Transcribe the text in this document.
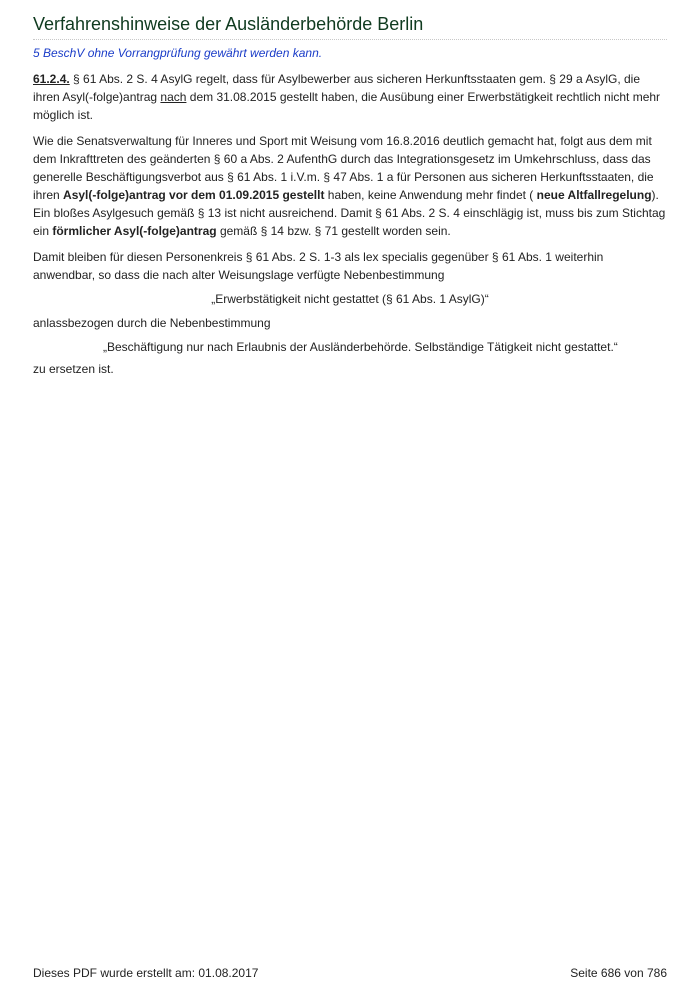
Verfahrenshinweise der Ausländerbehörde Berlin

5 BeschV ohne Vorrangprüfung gewährt werden kann.

61.2.4. § 61 Abs. 2 S. 4 AsylG regelt, dass für Asylbewerber aus sicheren Herkunftsstaaten gem. § 29 a AsylG, die ihren Asyl(-folge)antrag nach dem 31.08.2015 gestellt haben, die Ausübung einer Erwerbstätigkeit rechtlich nicht mehr möglich ist.

Wie die Senatsverwaltung für Inneres und Sport mit Weisung vom 16.8.2016 deutlich gemacht hat, folgt aus dem mit dem Inkrafttreten des geänderten § 60 a Abs. 2 AufenthG durch das Integrationsgesetz im Umkehrschluss, dass das generelle Beschäftigungsverbot aus § 61 Abs. 1 i.V.m. § 47 Abs. 1 a für Personen aus sicheren Herkunftsstaaten, die ihren Asyl(-folge)antrag vor dem 01.09.2015 gestellt haben, keine Anwendung mehr findet ( neue Altfallregelung). Ein bloßes Asylgesuch gemäß § 13 ist nicht ausreichend. Damit § 61 Abs. 2 S. 4 einschlägig ist, muss bis zum Stichtag ein förmlicher Asyl(-folge)antrag gemäß § 14 bzw. § 71 gestellt worden sein.

Damit bleiben für diesen Personenkreis § 61 Abs. 2 S. 1-3 als lex specialis gegenüber § 61 Abs. 1 weiterhin anwendbar, so dass die nach alter Weisungslage verfügte Nebenbestimmung

„Erwerbstätigkeit nicht gestattet (§ 61 Abs. 1 AsylG)“

anlassbezogen durch die Nebenbestimmung

„Beschäftigung nur nach Erlaubnis der Ausländerbehörde. Selbständige Tätigkeit nicht gestattet.“

zu ersetzen ist.

Dieses PDF wurde erstellt am: 01.08.2017	Seite 686 von 786
